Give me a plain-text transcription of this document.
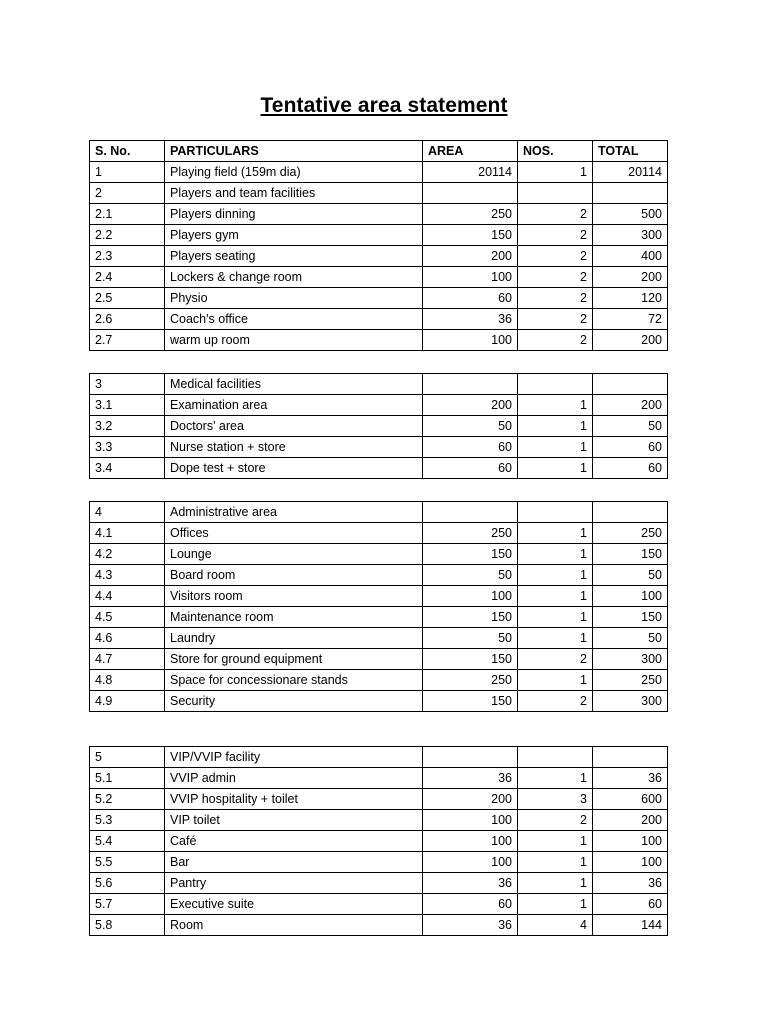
Tentative area statement
S. No.	PARTICULARS	AREA	NOS.	TOTAL
1	Playing field (159m dia)	20114	1	20114
2	Players and team facilities			
2.1	Players dinning	250	2	500
2.2	Players gym	150	2	300
2.3	Players seating	200	2	400
2.4	Lockers & change room	100	2	200
2.5	Physio	60	2	120
2.6	Coach's office	36	2	72
2.7	warm up room	100	2	200
3	Medical facilities			
3.1	Examination area	200	1	200
3.2	Doctors' area	50	1	50
3.3	Nurse station + store	60	1	60
3.4	Dope test + store	60	1	60
4	Administrative area			
4.1	Offices	250	1	250
4.2	Lounge	150	1	150
4.3	Board room	50	1	50
4.4	Visitors room	100	1	100
4.5	Maintenance room	150	1	150
4.6	Laundry	50	1	50
4.7	Store for ground equipment	150	2	300
4.8	Space for concessionare stands	250	1	250
4.9	Security	150	2	300
5	VIP/VVIP facility			
5.1	VVIP admin	36	1	36
5.2	VVIP hospitality + toilet	200	3	600
5.3	VIP toilet	100	2	200
5.4	Café	100	1	100
5.5	Bar	100	1	100
5.6	Pantry	36	1	36
5.7	Executive suite	60	1	60
5.8	Room	36	4	144
